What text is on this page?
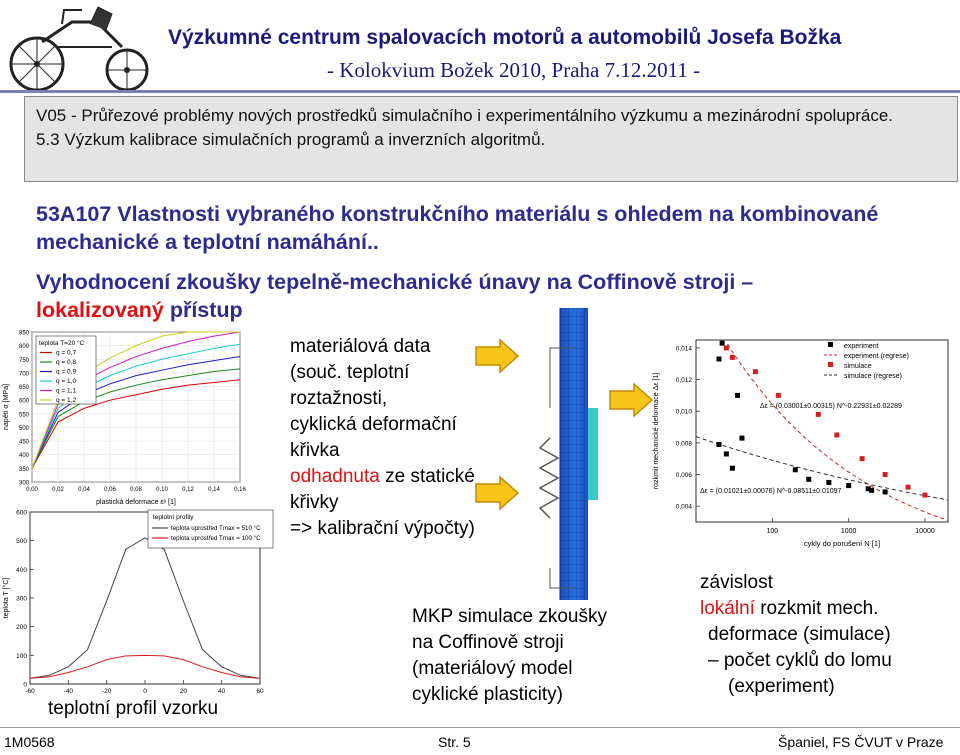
Výzkumné centrum spalovacích motorů a automobilů Josefa Božka
- Kolokvium Božek 2010, Praha 7.12.2011 -
V05 - Průřezové problémy nových prostředků simulačního i experimentálního výzkumu a mezinárodní spolupráce.
5.3 Výzkum kalibrace simulačních programů a inverzních algoritmů.
53A107 Vlastnosti vybraného konstrukčního materiálu s ohledem na kombinované mechanické a teplotní namáhání..
Vyhodnocení zkoušky tepelně-mechanické únavy na Coffinově stroji –
lokalizovaný přístup
300
350
400
450
500
550
600
650
700
750
800
850
0,00 0,02 0,04 0,06 0,08 0,10 0,12 0,14 0,16
napětí σ [MPa]
plastická deformace εᵖ [1]
teplota T=20 °C
q = 0,7
q = 0,8
q = 0,9
q = 1,0
q = 1,1
q = 1,2
0
100
200
300
400
500
600
-60	-40	-20	0	20	40	60
teplota T [°C]
teplotní profily
teplota uprostřed Tmax = 510 °C
teplota uprostřed Tmax = 100 °C
teplotní profil vzorku
materiálová data
(souč. teplotní
roztažnosti,
cyklická deformační
křivka
odhadnuta ze statické
křivky
=> kalibrační výpočty)
MKP simulace zkoušky
na Coffinově stroji
(materiálový model
cyklické plasticity)
0,004
0,006
0,008
0,010
0,012
0,014
100	1000	10000
Δε = (0.03001±0.00315) N^-0.22931±0.02289
Δε = (0.01021±0.00076) N^-0.08511±0.01097
experiment
experiment (regrese)
simulace
simulace (regrese)
rozkmit mechanické deformace Δε [1]
cykly do porušení N [1]
závislost
lokální rozkmit mech.
deformace (simulace)
– počet cyklů do lomu
(experiment)
1M0568	Str. 5	Španiel, FS ČVUT v Praze
